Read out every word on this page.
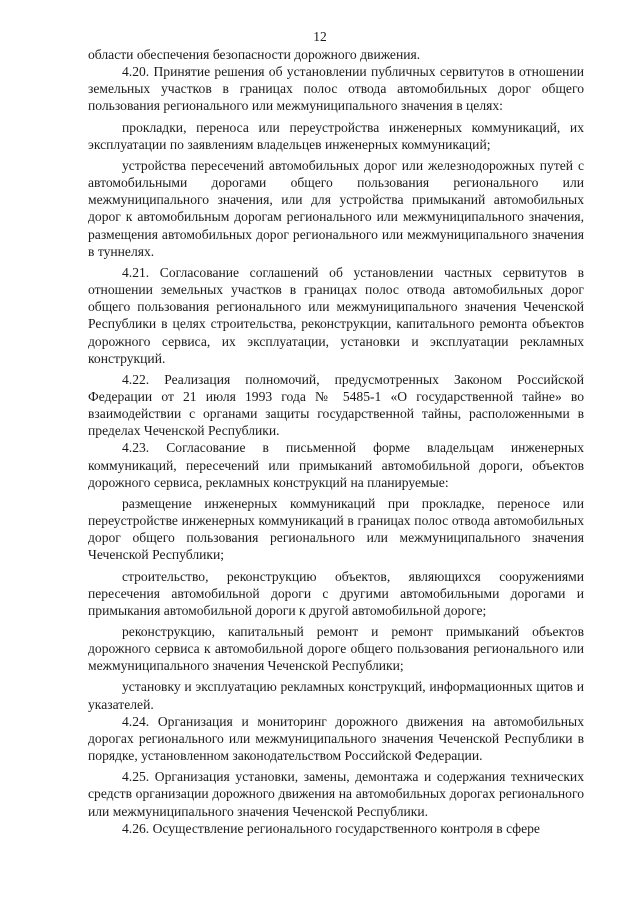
12

области обеспечения безопасности дорожного движения.

4.20. Принятие решения об установлении публичных сервитутов в отношении земельных участков в границах полос отвода автомобильных дорог общего пользования регионального или межмуниципального значения в целях:

прокладки, переноса или переустройства инженерных коммуникаций, их эксплуатации по заявлениям владельцев инженерных коммуникаций;

устройства пересечений автомобильных дорог или железнодорожных путей с автомобильными дорогами общего пользования регионального или межмуниципального значения, или для устройства примыканий автомобильных дорог к автомобильным дорогам регионального или межмуниципального значения, размещения автомобильных дорог регионального или межмуниципального значения в туннелях.

4.21. Согласование соглашений об установлении частных сервитутов в отношении земельных участков в границах полос отвода автомобильных дорог общего пользования регионального или межмуниципального значения Чеченской Республики в целях строительства, реконструкции, капитального ремонта объектов дорожного сервиса, их эксплуатации, установки и эксплуатации рекламных конструкций.

4.22. Реализация полномочий, предусмотренных Законом Российской Федерации от 21 июля 1993 года № 5485-1 «О государственной тайне» во взаимодействии с органами защиты государственной тайны, расположенными в пределах Чеченской Республики.

4.23. Согласование в письменной форме владельцам инженерных коммуникаций, пересечений или примыканий автомобильной дороги, объектов дорожного сервиса, рекламных конструкций на планируемые:

размещение инженерных коммуникаций при прокладке, переносе или переустройстве инженерных коммуникаций в границах полос отвода автомобильных дорог общего пользования регионального или межмуниципального значения Чеченской Республики;

строительство, реконструкцию объектов, являющихся сооружениями пересечения автомобильной дороги с другими автомобильными дорогами и примыкания автомобильной дороги к другой автомобильной дороге;

реконструкцию, капитальный ремонт и ремонт примыканий объектов дорожного сервиса к автомобильной дороге общего пользования регионального или межмуниципального значения Чеченской Республики;

установку и эксплуатацию рекламных конструкций, информационных щитов и указателей.

4.24. Организация и мониторинг дорожного движения на автомобильных дорогах регионального или межмуниципального значения Чеченской Республики в порядке, установленном законодательством Российской Федерации.

4.25. Организация установки, замены, демонтажа и содержания технических средств организации дорожного движения на автомобильных дорогах регионального или межмуниципального значения Чеченской Республики.

4.26. Осуществление регионального государственного контроля в сфере
